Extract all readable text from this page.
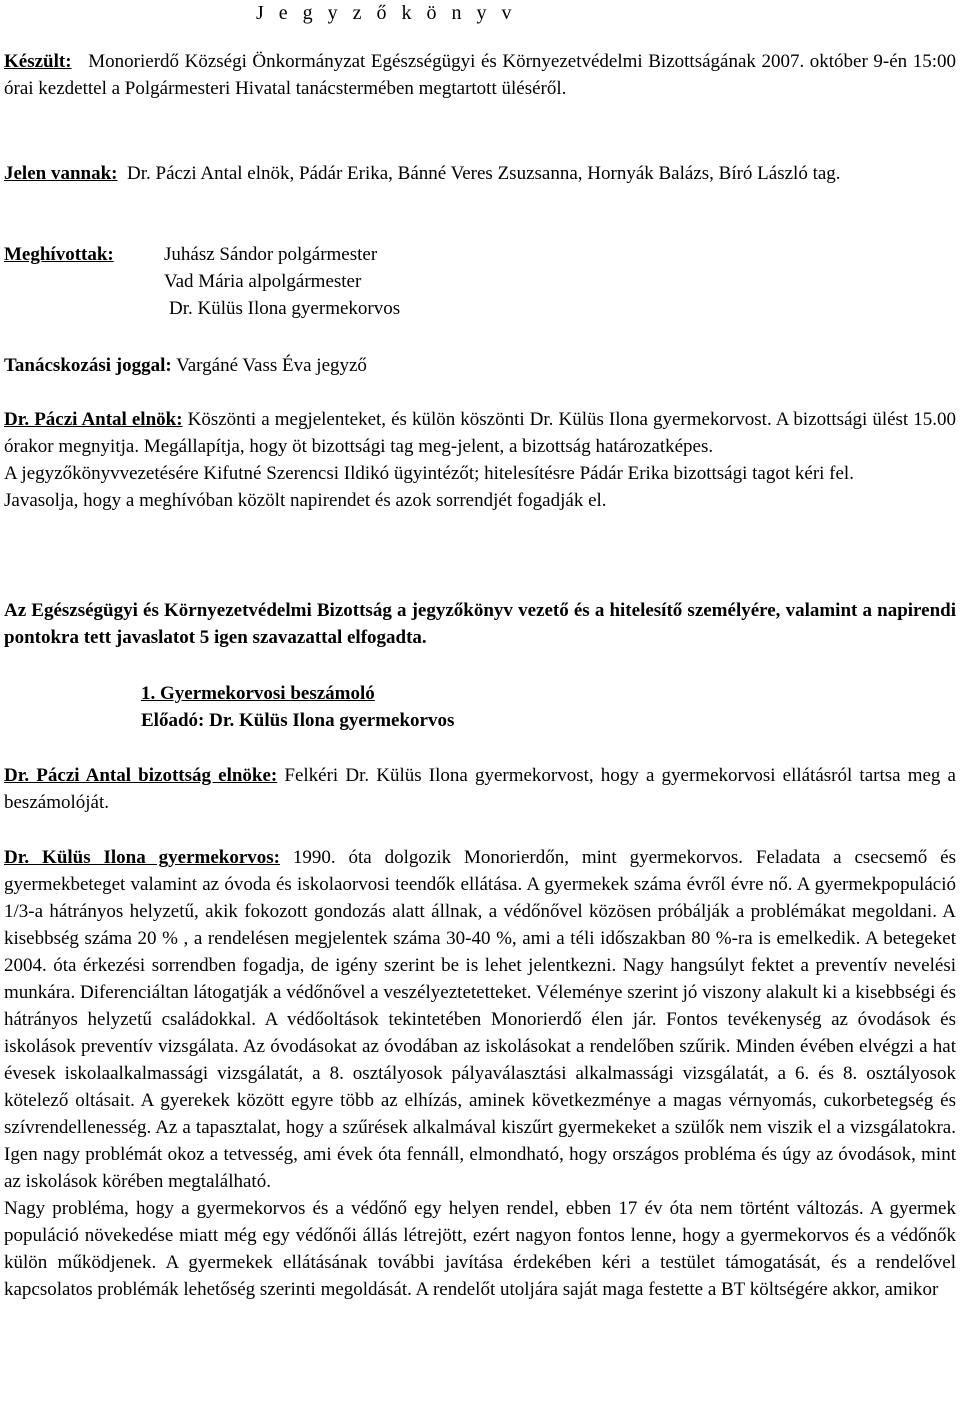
J e g y z ő k ö n y v
Készült: Monorierdő Községi Önkormányzat Egészségügyi és Környezetvédelmi Bizottságának 2007. október 9-én 15:00 órai kezdettel a Polgármesteri Hivatal tanácstermében megtartott üléséről.
Jelen vannak: Dr. Páczi Antal elnök, Pádár Erika, Bánné Veres Zsuzsanna, Hornyák Balázs, Bíró László tag.
Meghívottak:	Juhász Sándor polgármester
Vad Mária alpolgármester
Dr. Külüs Ilona gyermekorvos
Tanácskozási joggal: Vargáné Vass Éva jegyző

Dr. Páczi Antal elnök: Köszönti a megjelenteket, és külön köszönti Dr. Külüs Ilona gyermekorvost. A bizottsági ülést 15.00 órakor megnyitja. Megállapítja, hogy öt bizottsági tag meg-jelent, a bizottság határozatképes.

A jegyzőkönyvvezetésére Kifutné Szerencsi Ildikó ügyintézőt; hitelesítésre Pádár Erika bizottsági tagot kéri fel.

Javasolja, hogy a meghívóban közölt napirendet és azok sorrendjét fogadják el.

Az Egészségügyi és Környezetvédelmi Bizottság a jegyzőkönyv vezető és a hitelesítő személyére, valamint a napirendi pontokra tett javaslatot 5 igen szavazattal elfogadta.
1. Gyermekorvosi beszámoló
Előadó: Dr. Külüs Ilona gyermekorvos
Dr. Páczi Antal bizottság elnöke: Felkéri Dr. Külüs Ilona gyermekorvost, hogy a gyermekorvosi ellátásról tartsa meg a beszámolóját.

Dr. Külüs Ilona gyermekorvos: 1990. óta dolgozik Monorierdőn, mint gyermekorvos. Feladata a csecsemő és gyermekbeteget valamint az óvoda és iskolaorvosi teendők ellátása. A gyermekek száma évről évre nő. A gyermekpopuláció 1/3-a hátrányos helyzetű, akik fokozott gondozás alatt állnak, a védőnővel közösen próbálják a problémákat megoldani. A kisebbség száma 20 % , a rendelésen megjelentek száma 30-40 %, ami a téli időszakban 80 %-ra is emelkedik. A betegeket 2004. óta érkezési sorrendben fogadja, de igény szerint be is lehet jelentkezni. Nagy hangsúlyt fektet a preventív nevelési munkára. Diferenciáltan látogatják a védőnővel a veszélyeztetetteket. Véleménye szerint jó viszony alakult ki a kisebbségi és hátrányos helyzetű családokkal. A védőoltások tekintetében Monorierdő élen jár. Fontos tevékenység az óvodások és iskolások preventív vizsgálata. Az óvodásokat az óvodában az iskolásokat a rendelőben szűrik. Minden évében elvégzi a hat évesek iskolaalkalmassági vizsgálatát, a 8. osztályosok pályaválasztási alkalmassági vizsgálatát, a 6. és 8. osztályosok kötelező oltásait. A gyerekek között egyre több az elhízás, aminek következménye a magas vérnyomás, cukorbetegség és szívrendellenesség. Az a tapasztalat, hogy a szűrések alkalmával kiszűrt gyermekeket a szülők nem viszik el a vizsgálatokra. Igen nagy problémát okoz a tetvesség, ami évek óta fennáll, elmondható, hogy országos probléma és úgy az óvodások, mint az iskolások körében megtalálható.

Nagy probléma, hogy a gyermekorvos és a védőnő egy helyen rendel, ebben 17 év óta nem történt változás. A gyermek populáció növekedése miatt még egy védőnői állás létrejött, ezért nagyon fontos lenne, hogy a gyermekorvos és a védőnők külön működjenek. A gyermekek ellátásának további javítása érdekében kéri a testület támogatását, és a rendelővel kapcsolatos problémák lehetőség szerinti megoldását. A rendelőt utoljára saját maga festette a BT költségére akkor, amikor
